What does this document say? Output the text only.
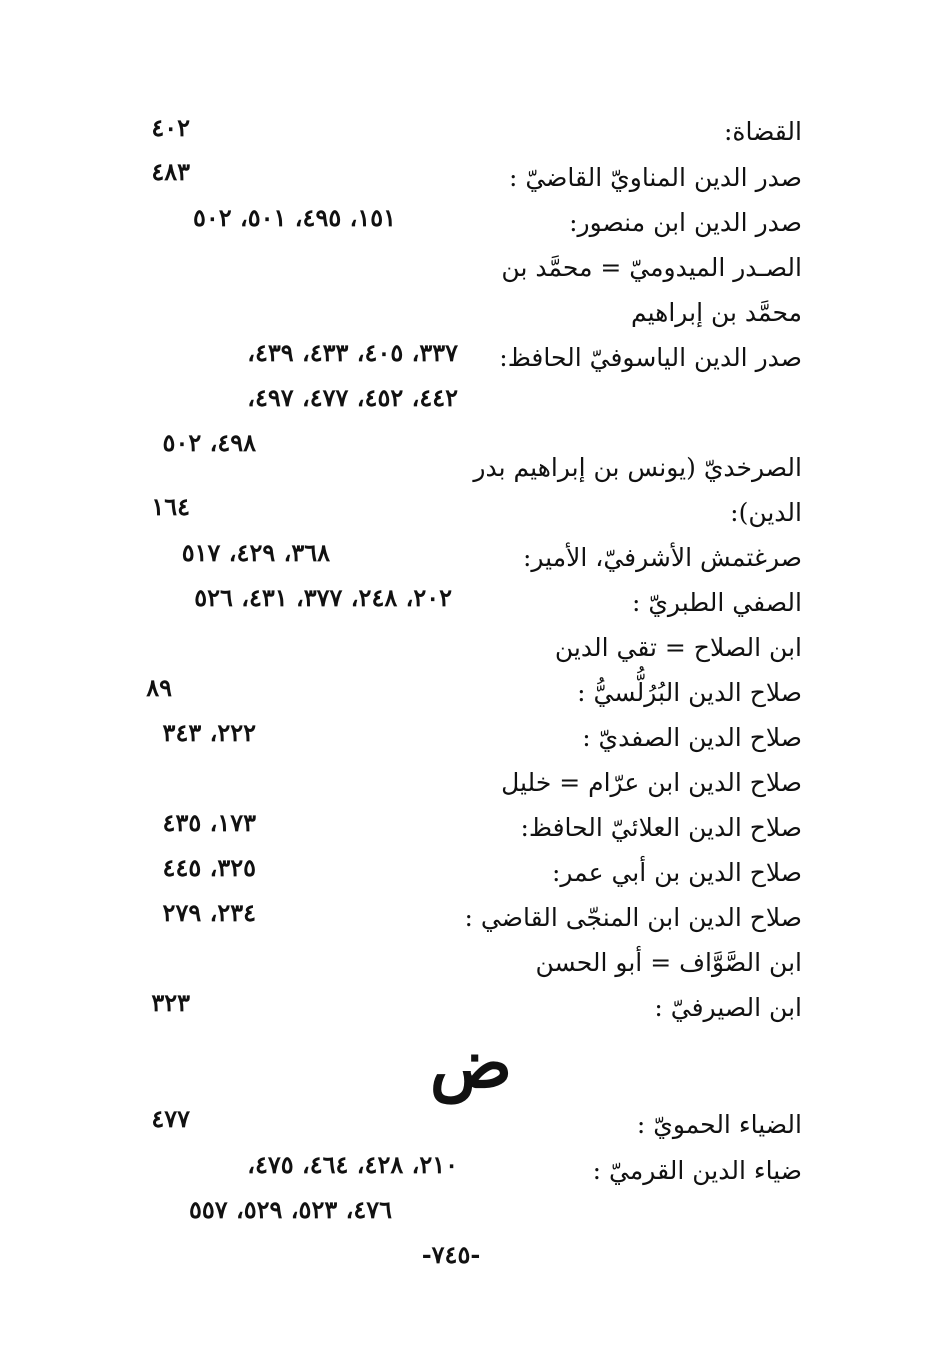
القضاة:
٤٠٢
صدر الدين المناويّ القاضيّ :
٤٨٣
صدر الدين ابن منصور:
١٥١، ٤٩٥، ٥٠١، ٥٠٢
الصـدر الميدوميّ = محمَّد بن
محمَّد بن إبراهيم
صدر الدين الياسوفيّ الحافظ:
٣٣٧، ٤٠٥، ٤٣٣، ٤٣٩،
٤٤٢، ٤٥٢، ٤٧٧، ٤٩٧،
٤٩٨، ٥٠٢
الصرخديّ (يونس بن إبراهيم بدر
الدين):
١٦٤
صرغتمش الأشرفيّ، الأمير:
٣٦٨، ٤٢٩، ٥١٧
الصفي الطبريّ :
٢٠٢، ٢٤٨، ٣٧٧، ٤٣١، ٥٢٦
ابن الصلاح = تقي الدين
صلاح الدين البُرُلُّسيُّ :
٨٩
صلاح الدين الصفديّ :
٢٢٢، ٣٤٣
صلاح الدين ابن عرّام = خليل
صلاح الدين العلائيّ الحافظ:
١٧٣، ٤٣٥
صلاح الدين بن أبي عمر:
٣٢٥، ٤٤٥
صلاح الدين ابن المنجّى القاضي :
٢٣٤، ٢٧٩
ابن الصَّوَّاف = أبو الحسن
ابن الصيرفيّ :
٣٢٣
ض
الضياء الحمويّ :
٤٧٧
ضياء الدين القرميّ :
٢١٠، ٤٢٨، ٤٦٤، ٤٧٥،
٤٧٦، ٥٢٣، ٥٢٩، ٥٥٧
-٧٤٥-
